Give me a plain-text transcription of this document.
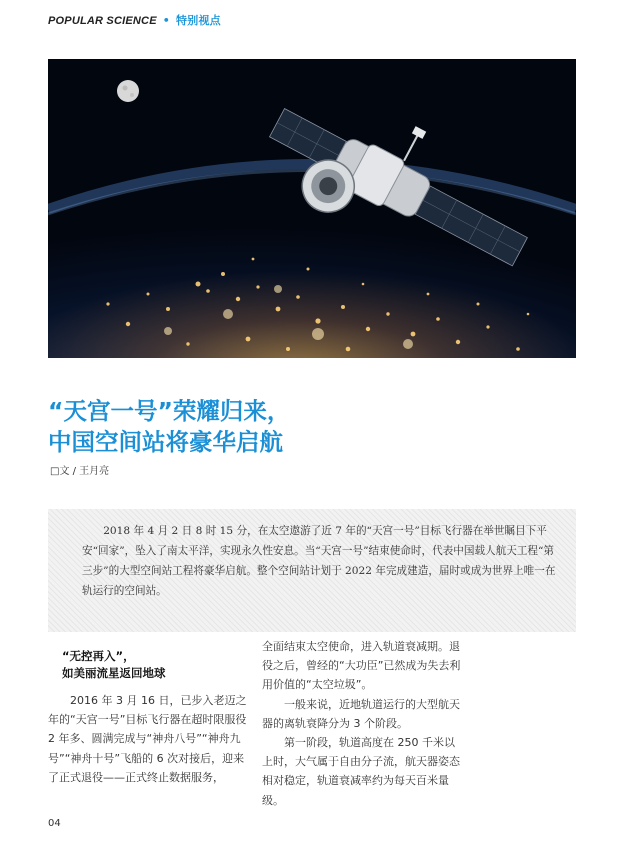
POPULAR SCIENCE • 特别视点
“天宫一号”荣耀归来，
中国空间站将豪华启航
□文 / 王月亮

2018 年 4 月 2 日 8 时 15 分，在太空遨游了近 7 年的“天宫一号”目标飞行器在举世瞩目下平安“回家”，坠入了南太平洋，实现永久性安息。当“天宫一号”结束使命时，代表中国载人航天工程“第三步”的大型空间站工程将豪华启航。整个空间站计划于 2022 年完成建造，届时或成为世界上唯一在轨运行的空间站。

“无控再入”，
如美丽流星返回地球

2016 年 3 月 16 日，已步入老迈之年的“天宫一号”目标飞行器在超时限服役 2 年多、圆满完成与“神舟八号”“神舟九号”“神舟十号”飞船的 6 次对接后，迎来了正式退役——正式终止数据服务，

全面结束太空使命，进入轨道衰减期。退役之后，曾经的“大功臣”已然成为失去利用价值的“太空垃圾”。

一般来说，近地轨道运行的大型航天器的离轨衰降分为 3 个阶段。

第一阶段，轨道高度在 250 千米以上时，大气属于自由分子流，航天器姿态相对稳定，轨道衰减率约为每天百米量级。

04
